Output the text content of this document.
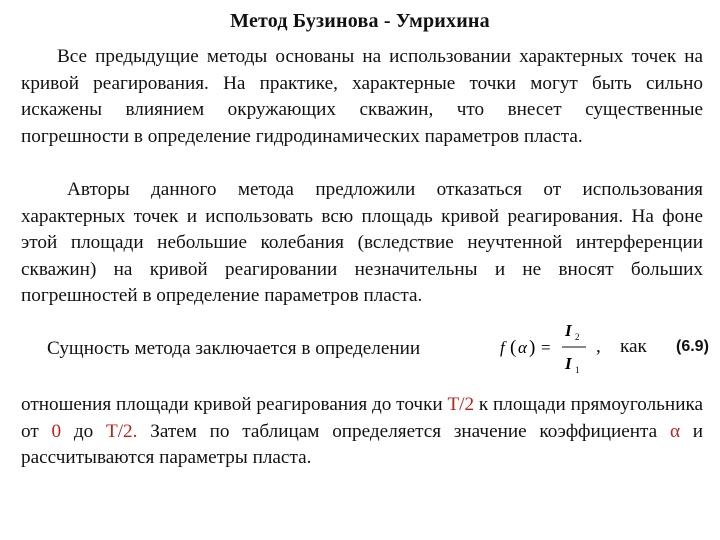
Метод Бузинова - Умрихина

Все предыдущие методы основаны на использовании характерных точек на кривой реагирования. На практике, характерные точки могут быть сильно искажены влиянием окружающих скважин, что внесет существенные погрешности в определение гидродинамических параметров пласта.

Авторы данного метода предложили отказаться от использования характерных точек и использовать всю площадь кривой реагирования. На фоне этой площади небольшие колебания (вследствие неучтенной интерференции скважин) на кривой реагировании незначительны и не вносят больших погрешностей в определение параметров пласта.

Сущность метода заключается в определении	f ( α ) =
I 2
I 1
, как (6.9)

отношения площади кривой реагирования до точки T/2 к площади прямоугольника от 0 до T/2. Затем по таблицам определяется значение коэффициента α и рассчитываются параметры пласта.
